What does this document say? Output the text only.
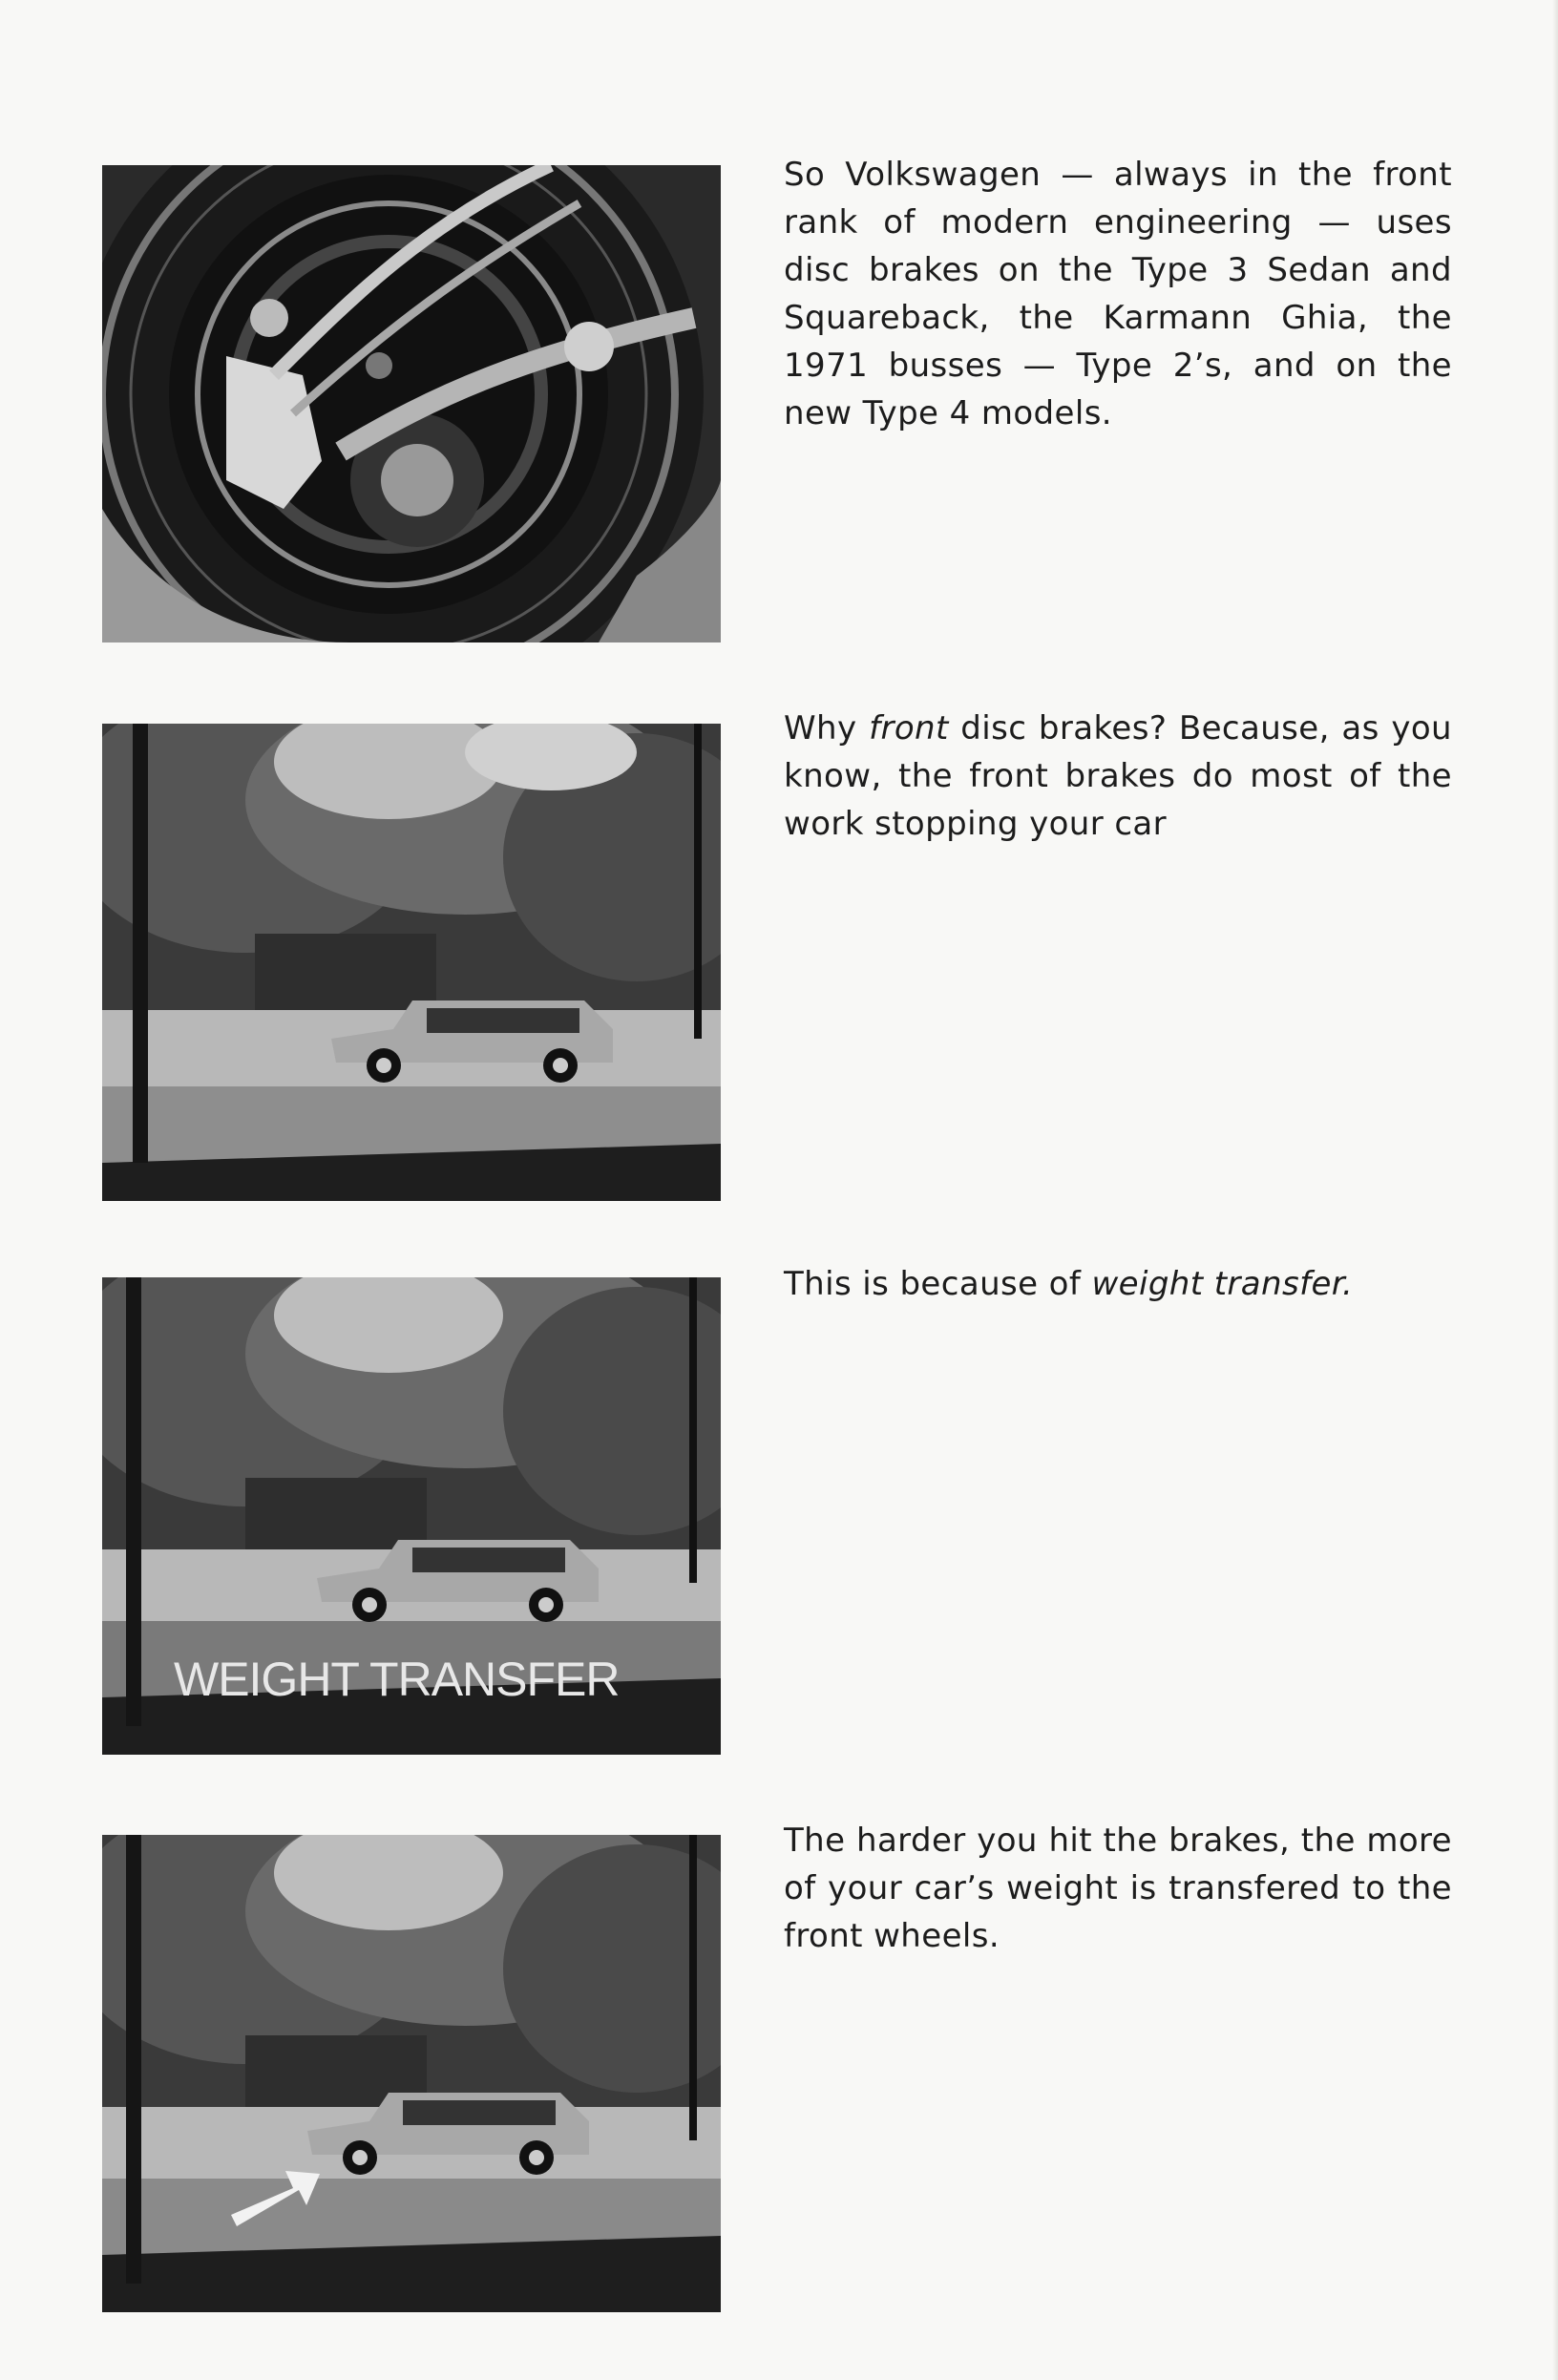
So Volkswagen — always in the front rank of modern engineering — uses disc brakes on the Type 3 Sedan and Squareback, the Karmann Ghia, the 1971 busses — Type 2’s, and on the new Type 4 models.

Why front disc brakes? Because, as you know, the front brakes do most of the work stopping your car

WEIGHT TRANSFER

This is because of weight transfer.

The harder you hit the brakes, the more of your car’s weight is transfered to the front wheels.
